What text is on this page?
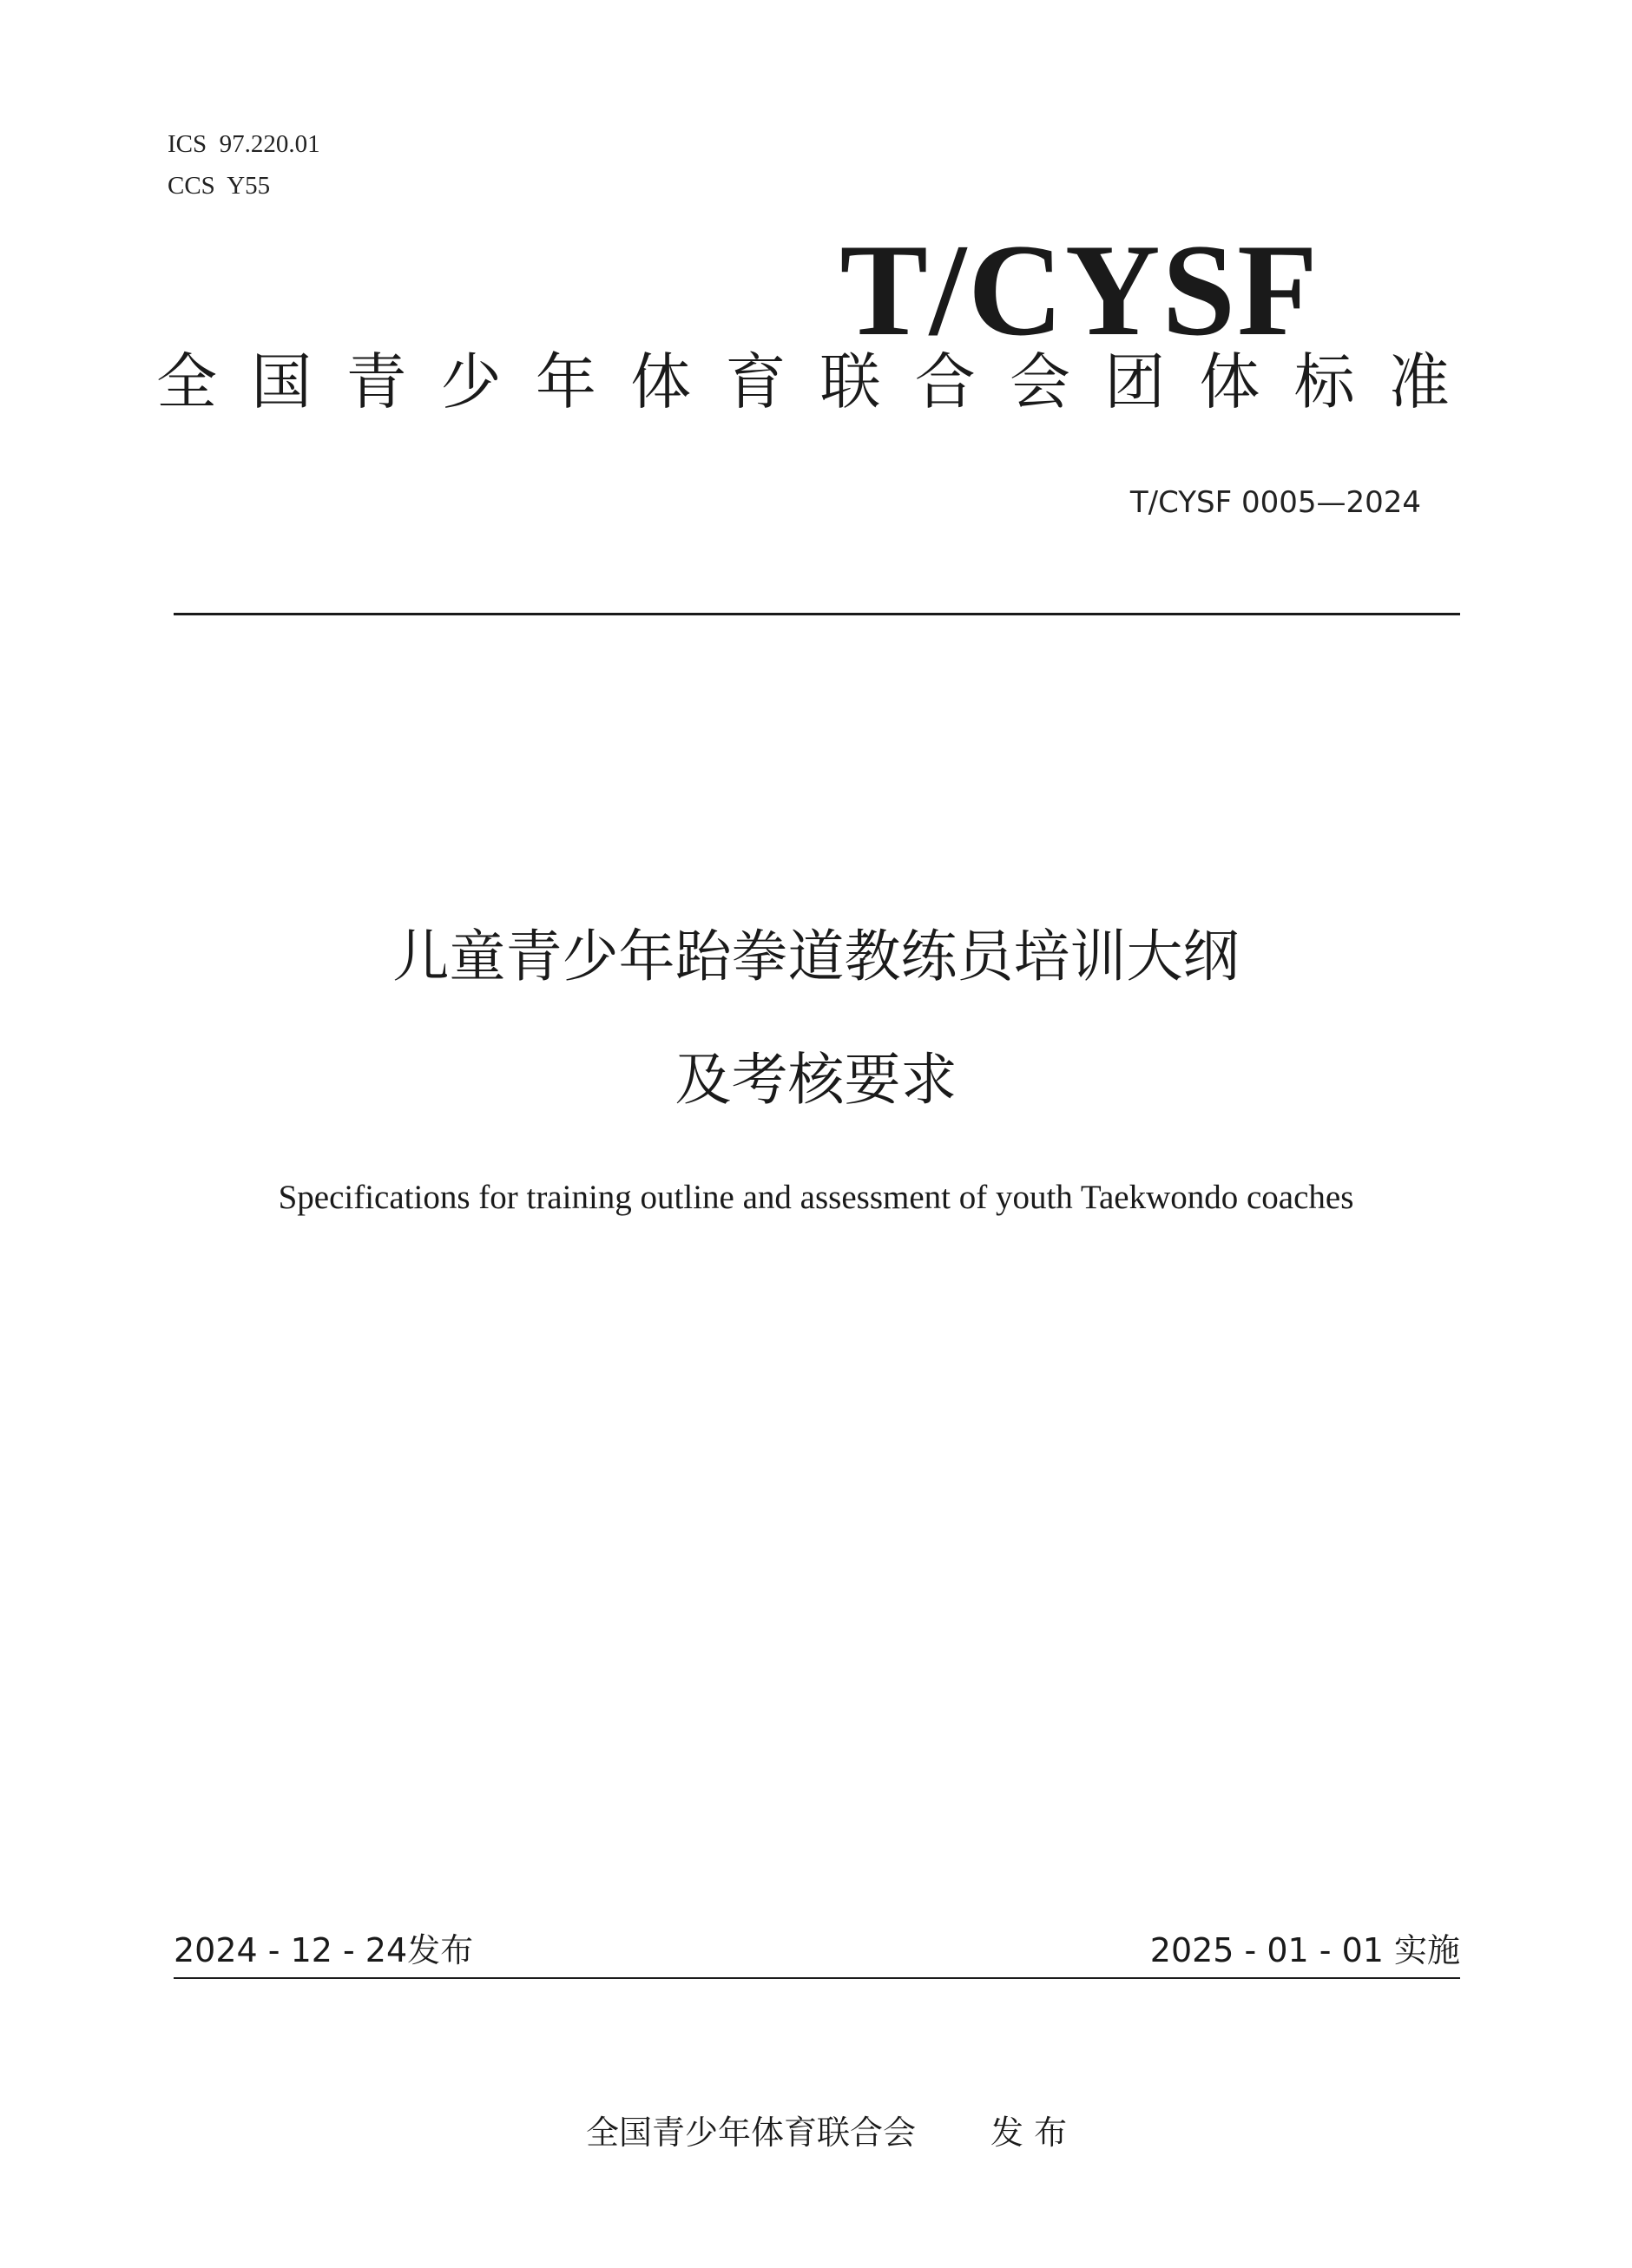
ICS  97.220.01
CCS  Y55
T/CYSF
全 国 青 少 年 体 育 联 合 会 团 体 标 准
T/CYSF 0005—2024
儿童青少年跆拳道教练员培训大纲
及考核要求
Specifications for training outline and assessment of youth Taekwondo coaches
2024 - 12 - 24发布	2025 - 01 - 01 实施

全国青少年体育联合会 发 布
